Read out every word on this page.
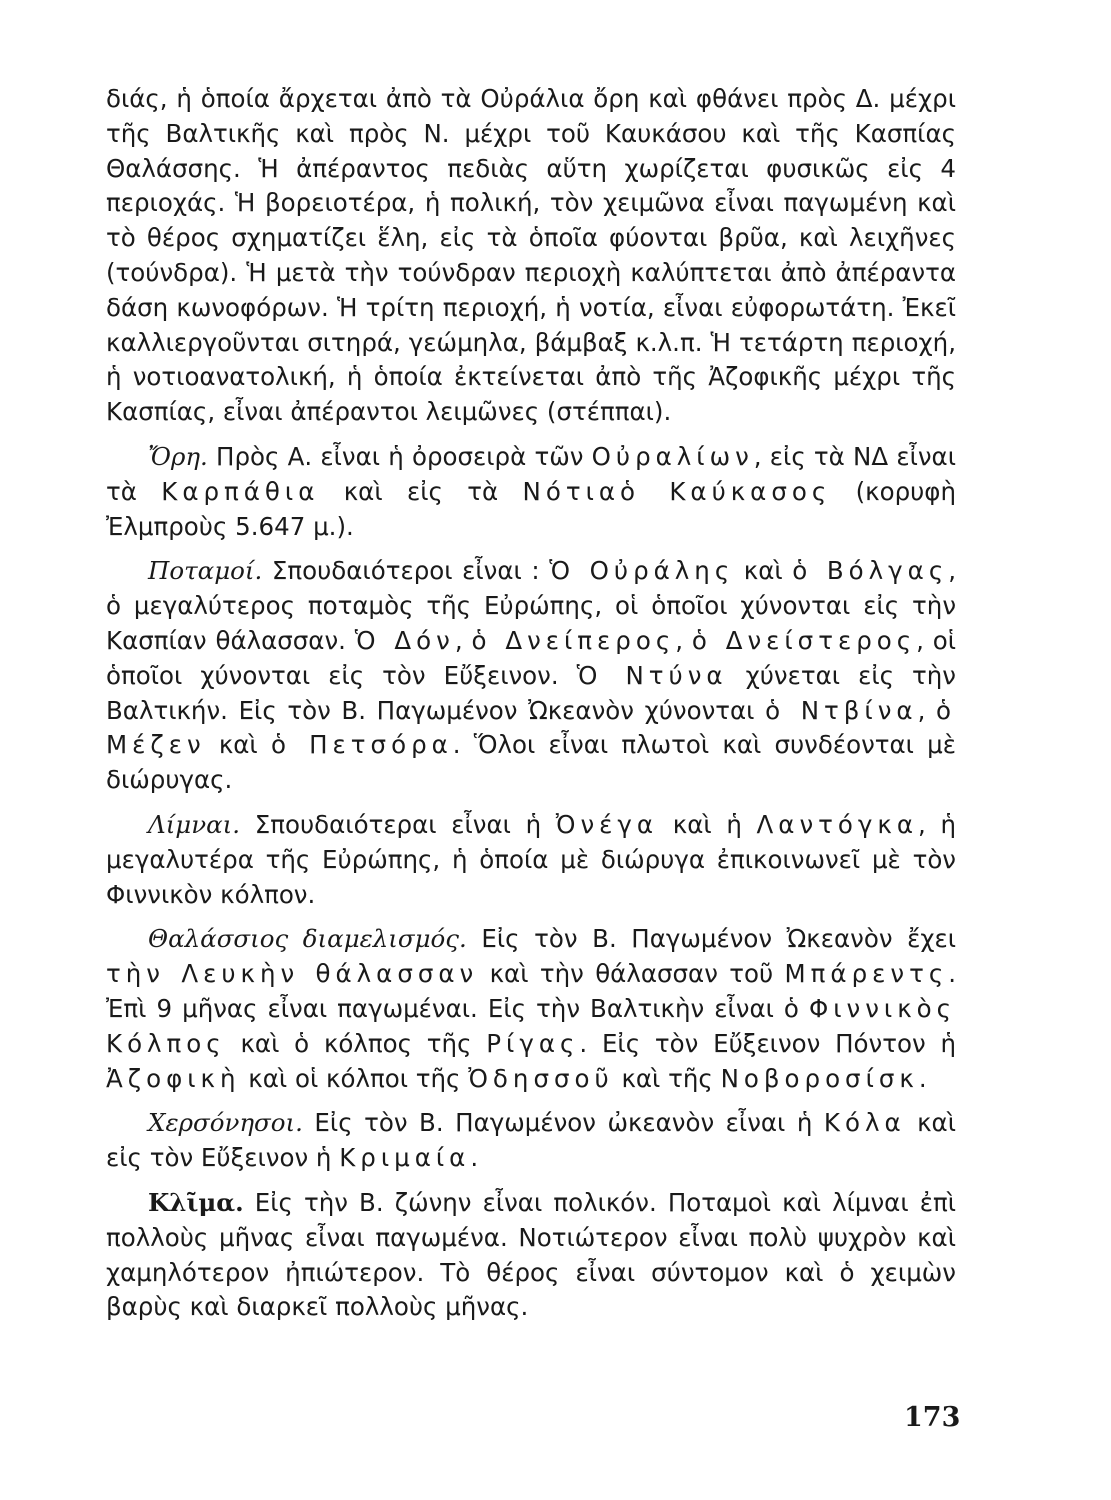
διάς, ἡ ὁποία ἄρχεται ἀπὸ τὰ Οὐράλια ὄρη καὶ φθάνει πρὸς Δ. μέχρι τῆς Βαλτικῆς καὶ πρὸς Ν. μέχρι τοῦ Καυκάσου καὶ τῆς Κασπίας Θαλάσσης. Ἡ ἀπέραντος πεδιὰς αὕτη χωρίζεται φυσικῶς εἰς 4 περιοχάς. Ἡ βορειοτέρα, ἡ πολική, τὸν χειμῶνα εἶναι παγωμένη καὶ τὸ θέρος σχηματίζει ἕλη, εἰς τὰ ὁποῖα φύονται βρῦα, καὶ λειχῆνες (τούνδρα). Ἡ μετὰ τὴν τούνδραν περιοχὴ καλύπτεται ἀπὸ ἀπέραντα δάση κωνοφόρων. Ἡ τρίτη περιοχή, ἡ νοτία, εἶναι εὐφορωτάτη. Ἐκεῖ καλλιεργοῦνται σιτηρά, γεώμηλα, βάμβαξ κ.λ.π. Ἡ τετάρτη περιοχή, ἡ νοτιοανατολική, ἡ ὁποία ἐκτείνεται ἀπὸ τῆς Ἀζοφικῆς μέχρι τῆς Κασπίας, εἶναι ἀπέραντοι λειμῶνες (στέππαι).

Ὄρη. Πρὸς Α. εἶναι ἡ ὀροσειρὰ τῶν Οὐραλίων, εἰς τὰ ΝΔ εἶναι τὰ Καρπάθια καὶ εἰς τὰ Νότιαὁ Καύκασος (κορυφὴ Ἐλμπροὺς 5.647 μ.).

Ποταμοί. Σπουδαιότεροι εἶναι : Ὁ Οὐράλης καὶ ὁ Βόλγας, ὁ μεγαλύτερος ποταμὸς τῆς Εὐρώπης, οἱ ὁποῖοι χύνονται εἰς τὴν Κασπίαν θάλασσαν. Ὁ Δόν, ὁ Δνείπερος, ὁ Δνείστερος, οἱ ὁποῖοι χύνονται εἰς τὸν Εὔξεινον. Ὁ Ντύνα χύνεται εἰς τὴν Βαλτικήν. Εἰς τὸν Β. Παγωμένον Ὠκεανὸν χύνονται ὁ Ντβίνα, ὁ Μέζεν καὶ ὁ Πετσόρα. Ὅλοι εἶναι πλωτοὶ καὶ συνδέονται μὲ διώρυγας.

Λίμναι. Σπουδαιότεραι εἶναι ἡ Ὀνέγα καὶ ἡ Λαντόγκα, ἡ μεγαλυτέρα τῆς Εὐρώπης, ἡ ὁποία μὲ διώρυγα ἐπικοινωνεῖ μὲ τὸν Φιννικὸν κόλπον.

Θαλάσσιος διαμελισμός. Εἰς τὸν Β. Παγωμένον Ὠκεανὸν ἔχει τὴν Λευκὴν θάλασσαν καὶ τὴν θάλασσαν τοῦ Μπάρεντς. Ἐπὶ 9 μῆνας εἶναι παγωμέναι. Εἰς τὴν Βαλτικὴν εἶναι ὁ Φιννικὸς Κόλπος καὶ ὁ κόλπος τῆς Ρίγας. Εἰς τὸν Εὔξεινον Πόντον ἡ Ἀζοφικὴ καὶ οἱ κόλποι τῆς Ὀδησσοῦ καὶ τῆς Νοβοροσίσκ.

Χερσόνησοι. Εἰς τὸν Β. Παγωμένον ὠκεανὸν εἶναι ἡ Κόλα καὶ εἰς τὸν Εὔξεινον ἡ Κριμαία.

Κλῖμα. Εἰς τὴν Β. ζώνην εἶναι πολικόν. Ποταμοὶ καὶ λίμναι ἐπὶ πολλοὺς μῆνας εἶναι παγωμένα. Νοτιώτερον εἶναι πολὺ ψυχρὸν καὶ χαμηλότερον ἠπιώτερον. Τὸ θέρος εἶναι σύντομον καὶ ὁ χειμὼν βαρὺς καὶ διαρκεῖ πολλοὺς μῆνας.

173
